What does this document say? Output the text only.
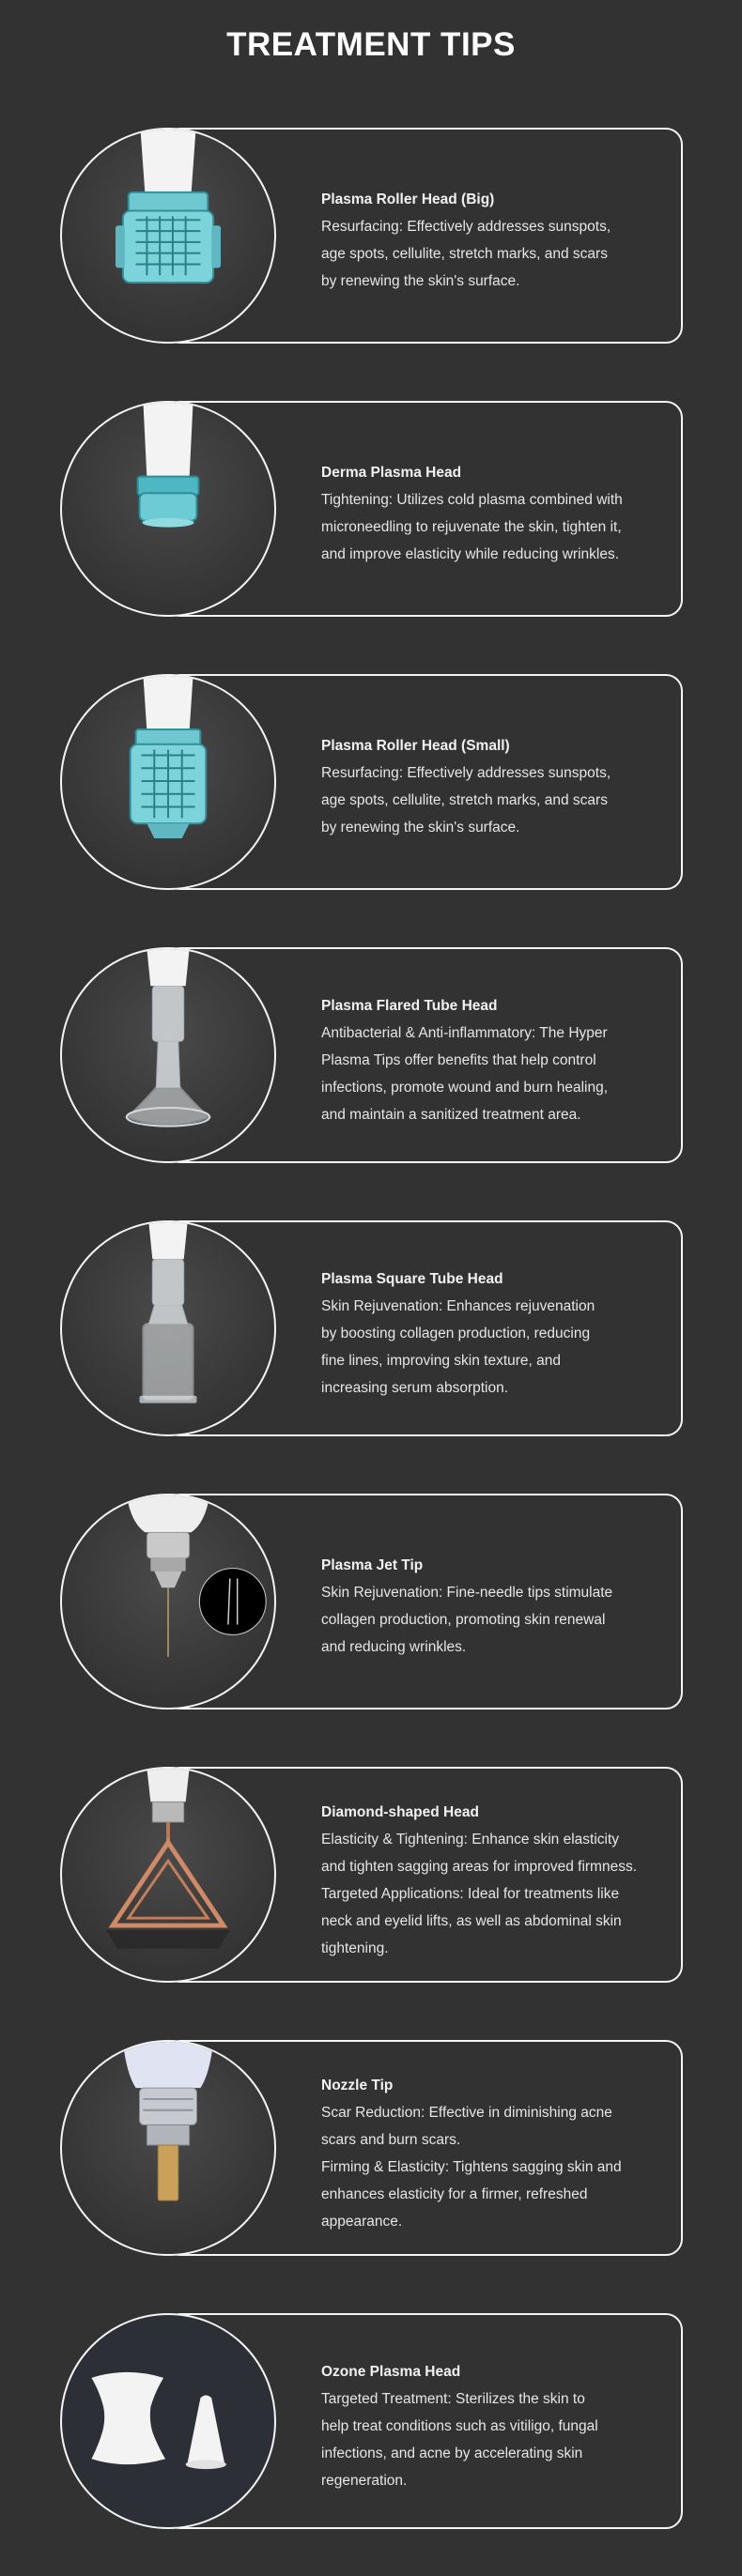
TREATMENT TIPS

Plasma Roller Head (Big)

Resurfacing: Effectively addresses sunspots,

age spots, cellulite, stretch marks, and scars

by renewing the skin's surface.

Derma Plasma Head

Tightening: Utilizes cold plasma combined with

microneedling to rejuvenate the skin, tighten it,

and improve elasticity while reducing wrinkles.

Plasma Roller Head (Small)

Resurfacing: Effectively addresses sunspots,

age spots, cellulite, stretch marks, and scars

by renewing the skin's surface.

Plasma Flared Tube Head

Antibacterial & Anti-inflammatory: The Hyper

Plasma Tips offer benefits that help control

infections, promote wound and burn healing,

and maintain a sanitized treatment area.

Plasma Square Tube Head

Skin Rejuvenation: Enhances rejuvenation

by boosting collagen production, reducing

fine lines, improving skin texture, and

increasing serum absorption.

Plasma Jet Tip

Skin Rejuvenation: Fine-needle tips stimulate

collagen production, promoting skin renewal

and reducing wrinkles.

Diamond-shaped Head

Elasticity & Tightening: Enhance skin elasticity

and tighten sagging areas for improved firmness.

Targeted Applications: Ideal for treatments like

neck and eyelid lifts, as well as abdominal skin

tightening.

Nozzle Tip

Scar Reduction: Effective in diminishing acne

scars and burn scars.

Firming & Elasticity: Tightens sagging skin and

enhances elasticity for a firmer, refreshed

appearance.

Ozone Plasma Head

Targeted Treatment: Sterilizes the skin to

help treat conditions such as vitiligo, fungal

infections, and acne by accelerating skin

regeneration.
